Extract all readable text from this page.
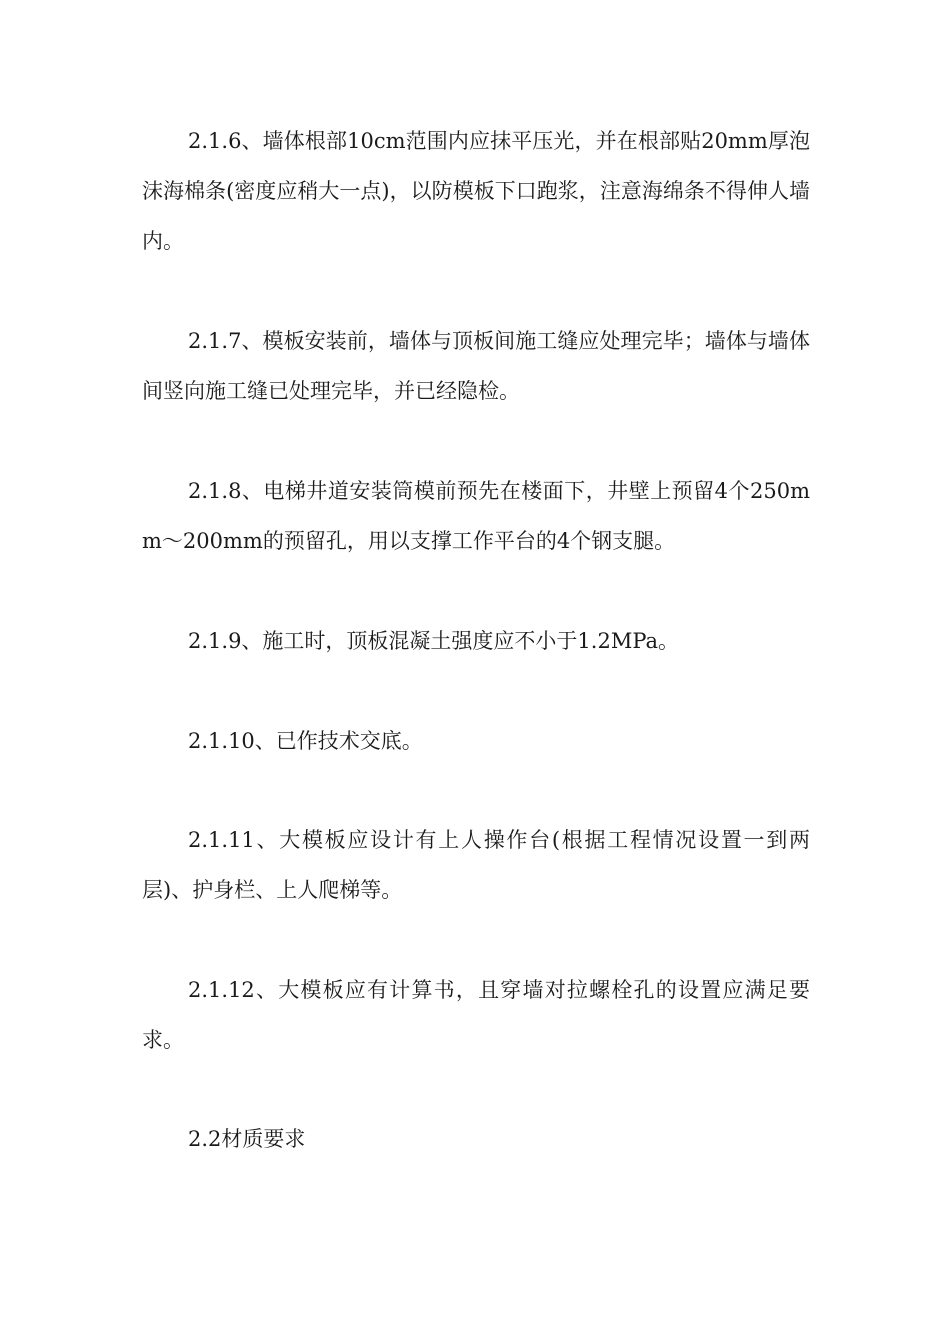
2.1.6、墙体根部10cm范围内应抹平压光，并在根部贴20mm厚泡沫海棉条(密度应稍大一点)，以防模板下口跑浆，注意海绵条不得伸人墙内。

2.1.7、模板安装前，墙体与顶板间施工缝应处理完毕；墙体与墙体间竖向施工缝已处理完毕，并已经隐检。

2.1.8、电梯井道安装筒模前预先在楼面下，井壁上预留4个250mm～200mm的预留孔，用以支撑工作平台的4个钢支腿。

2.1.9、施工时，顶板混凝土强度应不小于1.2MPa。

2.1.10、已作技术交底。

2.1.11、大模板应设计有上人操作台(根据工程情况设置一到两层)、护身栏、上人爬梯等。

2.1.12、大模板应有计算书，且穿墙对拉螺栓孔的设置应满足要求。

2.2材质要求
